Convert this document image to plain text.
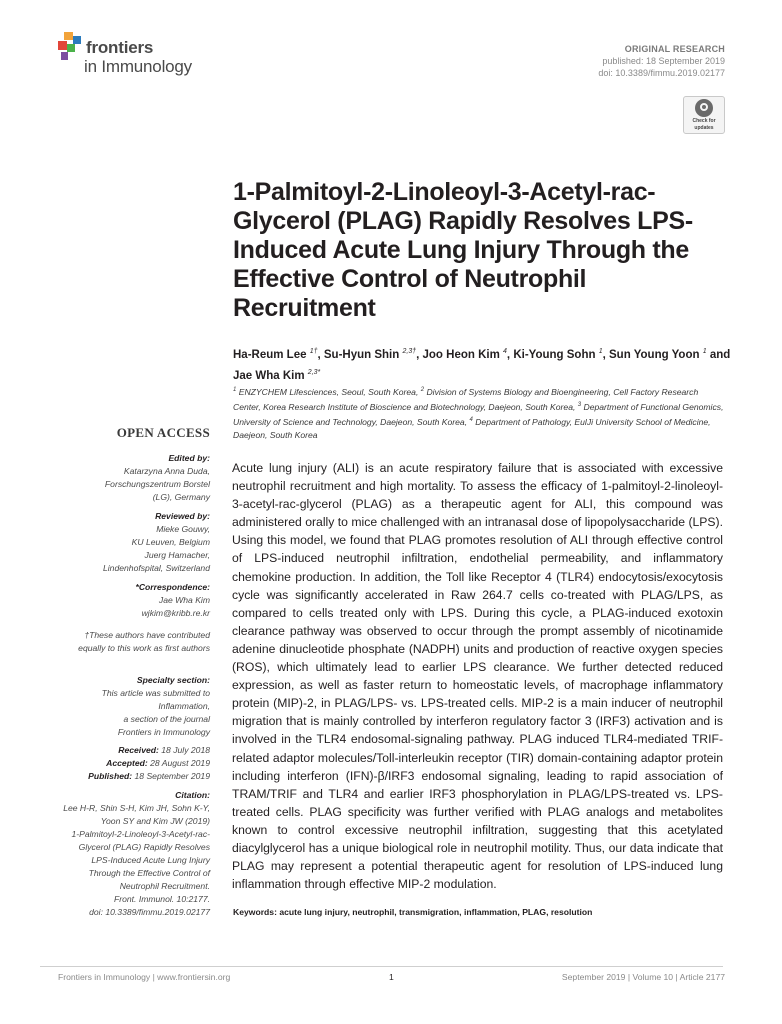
frontiers
in Immunology
ORIGINAL RESEARCH
published: 18 September 2019
doi: 10.3389/fimmu.2019.02177
Check for
updates
1-Palmitoyl-2-Linoleoyl-3-Acetyl-rac-Glycerol (PLAG) Rapidly Resolves LPS-Induced Acute Lung Injury Through the Effective Control of Neutrophil Recruitment
Ha-Reum Lee $^{1\dagger}$, Su-Hyun Shin $^{2,3\dagger}$, Joo Heon Kim $^4$, Ki-Young Sohn $^1$, Sun Young Yoon $^1$ and
Jae Wha Kim $^{2,3*}$
$^1$ ENZYCHEM Lifesciences, Seoul, South Korea, $^2$ Division of Systems Biology and Bioengineering, Cell Factory Research Center, Korea Research Institute of Bioscience and Biotechnology, Daejeon, South Korea, $^3$ Department of Functional Genomics, University of Science and Technology, Daejeon, South Korea, $^4$ Department of Pathology, EulJi University School of Medicine, Daejeon, South Korea
OPEN ACCESS
Edited by:
Katarzyna Anna Duda,
Forschungszentrum Borstel
(LG), Germany
Reviewed by:
Mieke Gouwy,
KU Leuven, Belgium
Juerg Hamacher,
Lindenhofspital, Switzerland
*Correspondence:
Jae Wha Kim
wjkim@kribb.re.kr
†These authors have contributed
equally to this work as first authors
Specialty section:
This article was submitted to
Inflammation,
a section of the journal
Frontiers in Immunology
Received: 18 July 2018
Accepted: 28 August 2019
Published: 18 September 2019
Citation:
Lee H-R, Shin S-H, Kim JH, Sohn K-Y,
Yoon SY and Kim JW (2019)
1-Palmitoyl-2-Linoleoyl-3-Acetyl-rac-
Glycerol (PLAG) Rapidly Resolves
LPS-Induced Acute Lung Injury
Through the Effective Control of
Neutrophil Recruitment.
Front. Immunol. 10:2177.
doi: 10.3389/fimmu.2019.02177
Acute lung injury (ALI) is an acute respiratory failure that is associated with excessive neutrophil recruitment and high mortality. To assess the efficacy of 1-palmitoyl-2-linoleoyl-3-acetyl-rac-glycerol (PLAG) as a therapeutic agent for ALI, this compound was administered orally to mice challenged with an intranasal dose of lipopolysaccharide (LPS). Using this model, we found that PLAG promotes resolution of ALI through effective control of LPS-induced neutrophil infiltration, endothelial permeability, and inflammatory chemokine production. In addition, the Toll like Receptor 4 (TLR4) endocytosis/exocytosis cycle was significantly accelerated in Raw 264.7 cells co-treated with PLAG/LPS, as compared to cells treated only with LPS. During this cycle, a PLAG-induced exotoxin clearance pathway was observed to occur through the prompt assembly of nicotinamide adenine dinucleotide phosphate (NADPH) units and production of reactive oxygen species (ROS), which ultimately lead to earlier LPS clearance. We further detected reduced expression, as well as faster return to homeostatic levels, of macrophage inflammatory protein (MIP)-2, in PLAG/LPS- vs. LPS-treated cells. MIP-2 is a main inducer of neutrophil migration that is mainly controlled by interferon regulatory factor 3 (IRF3) activation and is involved in the TLR4 endosomal-signaling pathway. PLAG induced TLR4-mediated TRIF-related adaptor molecules/Toll-interleukin receptor (TIR) domain-containing adaptor protein including interferon (IFN)-β/IRF3 endosomal signaling, leading to rapid association of TRAM/TRIF and TLR4 and earlier IRF3 phosphorylation in PLAG/LPS-treated vs. LPS-treated cells. PLAG specificity was further verified with PLAG analogs and metabolites known to control excessive neutrophil infiltration, suggesting that this acetylated diacylglycerol has a unique biological role in neutrophil motility. Thus, our data indicate that PLAG may represent a potential therapeutic agent for resolution of LPS-induced lung inflammation through effective MIP-2 modulation.
Keywords: acute lung injury, neutrophil, transmigration, inflammation, PLAG, resolution
Frontiers in Immunology | www.frontiersin.org	1	September 2019 | Volume 10 | Article 2177
